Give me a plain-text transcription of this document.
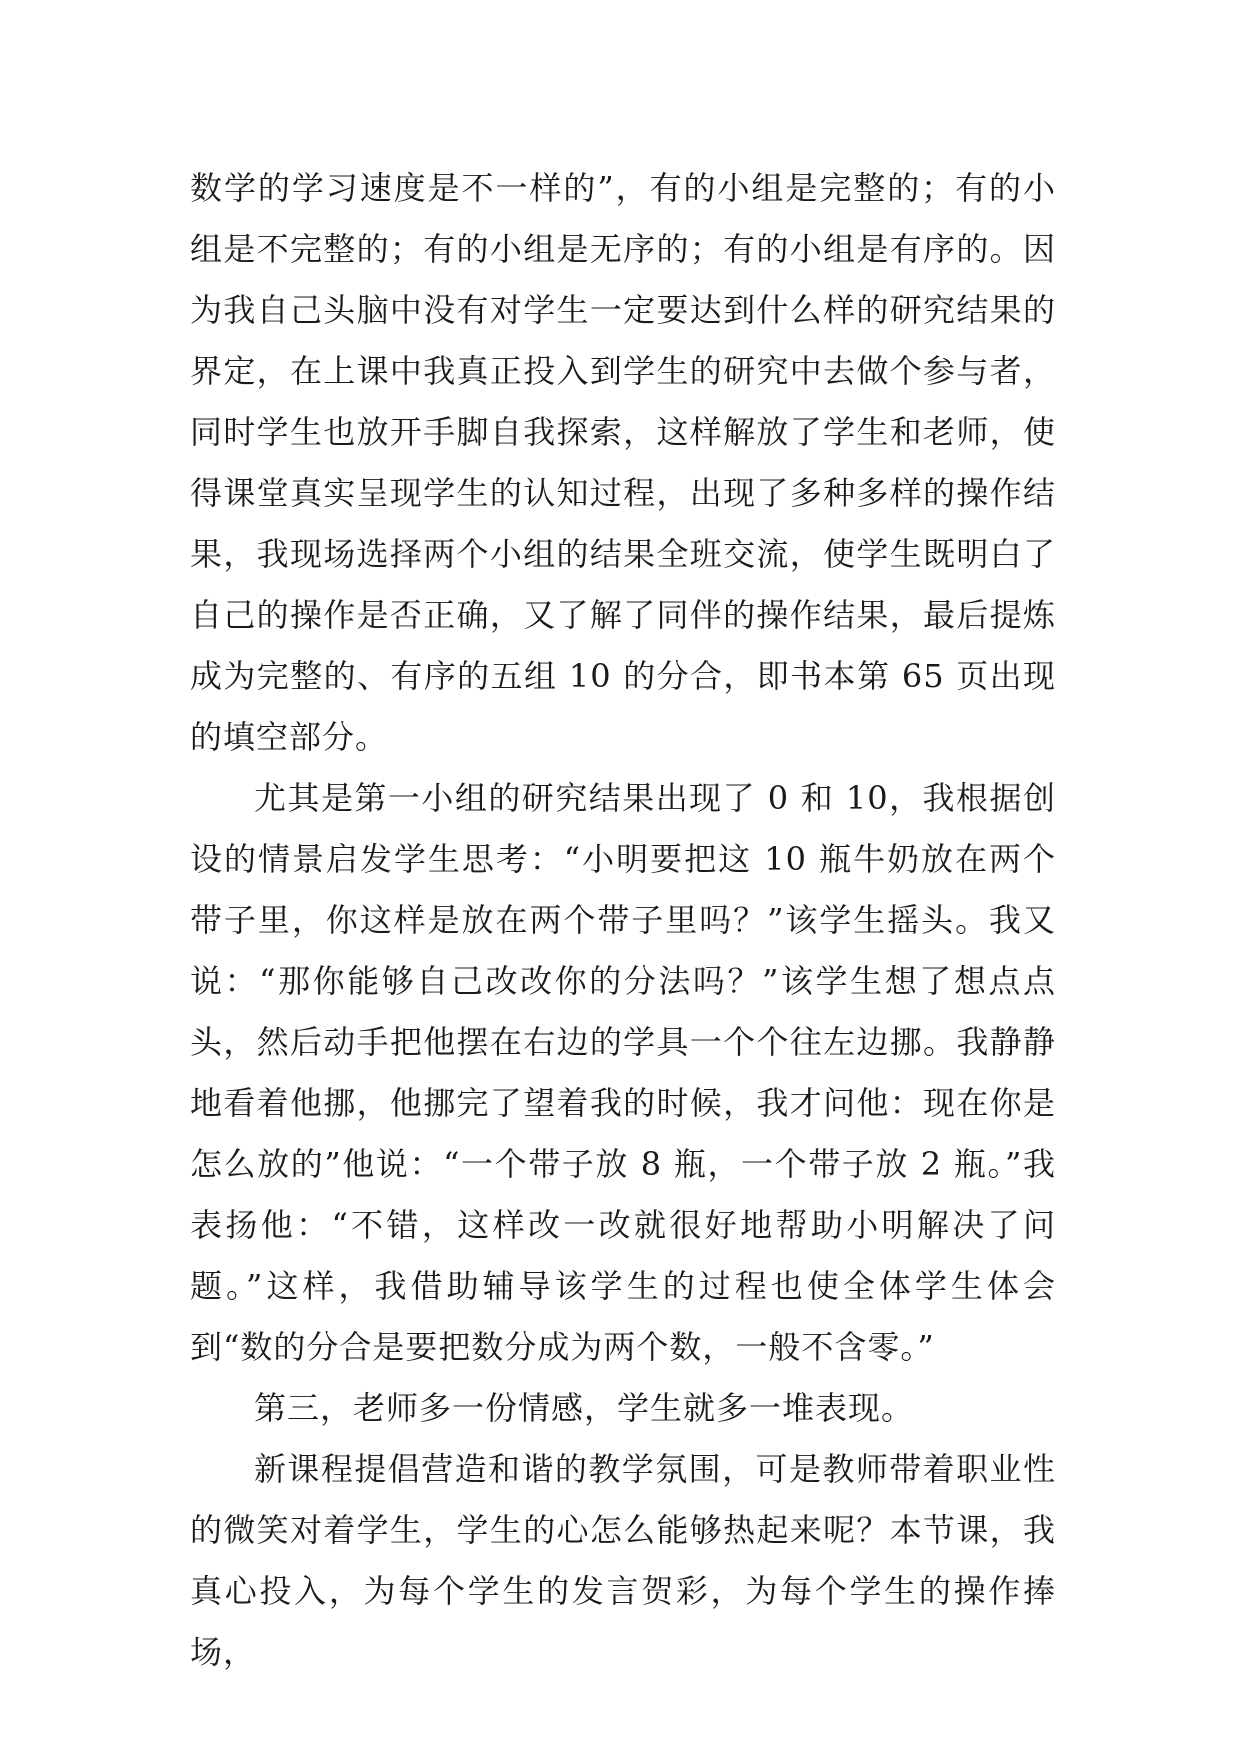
数学的学习速度是不一样的”，有的小组是完整的；有的小组是不完整的；有的小组是无序的；有的小组是有序的。因为我自己头脑中没有对学生一定要达到什么样的研究结果的界定，在上课中我真正投入到学生的研究中去做个参与者，同时学生也放开手脚自我探索，这样解放了学生和老师，使得课堂真实呈现学生的认知过程，出现了多种多样的操作结果，我现场选择两个小组的结果全班交流，使学生既明白了自己的操作是否正确，又了解了同伴的操作结果，最后提炼成为完整的、有序的五组 10 的分合，即书本第 65 页出现的填空部分。

尤其是第一小组的研究结果出现了 0 和 10，我根据创设的情景启发学生思考：“小明要把这 10 瓶牛奶放在两个带子里，你这样是放在两个带子里吗？”该学生摇头。我又说：“那你能够自己改改你的分法吗？”该学生想了想点点头，然后动手把他摆在右边的学具一个个往左边挪。我静静地看着他挪，他挪完了望着我的时候，我才问他：现在你是怎么放的”他说：“一个带子放 8 瓶，一个带子放 2 瓶。”我表扬他：“不错，这样改一改就很好地帮助小明解决了问题。”这样，我借助辅导该学生的过程也使全体学生体会到“数的分合是要把数分成为两个数，一般不含零。”

第三，老师多一份情感，学生就多一堆表现。

新课程提倡营造和谐的教学氛围，可是教师带着职业性的微笑对着学生，学生的心怎么能够热起来呢？本节课，我真心投入，为每个学生的发言贺彩，为每个学生的操作捧场，
